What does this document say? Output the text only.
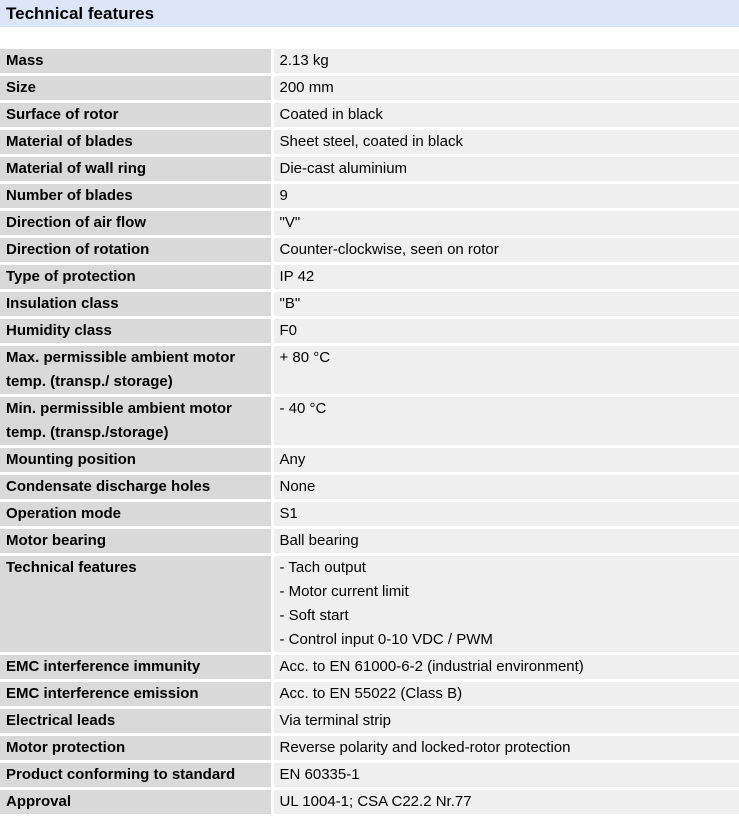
Technical features
Mass	2.13 kg

Size	200 mm

Surface of rotor	Coated in black

Material of blades	Sheet steel, coated in black

Material of wall ring	Die-cast aluminium

Number of blades	9

Direction of air flow	"V"

Direction of rotation	Counter-clockwise, seen on rotor

Type of protection	IP 42

Insulation class	"B"

Humidity class	F0

Max. permissible ambient motor
temp. (transp./ storage)	+ 80 °C

Min. permissible ambient motor
temp. (transp./storage)	- 40 °C

Mounting position	Any

Condensate discharge holes	None

Operation mode	S1

Motor bearing	Ball bearing

Technical features	- Tach output
- Motor current limit
- Soft start
- Control input 0-10 VDC / PWM

EMC interference immunity	Acc. to EN 61000-6-2 (industrial environment)

EMC interference emission	Acc. to EN 55022 (Class B)

Electrical leads	Via terminal strip

Motor protection	Reverse polarity and locked-rotor protection

Product conforming to standard	EN 60335-1

Approval	UL 1004-1; CSA C22.2 Nr.77
